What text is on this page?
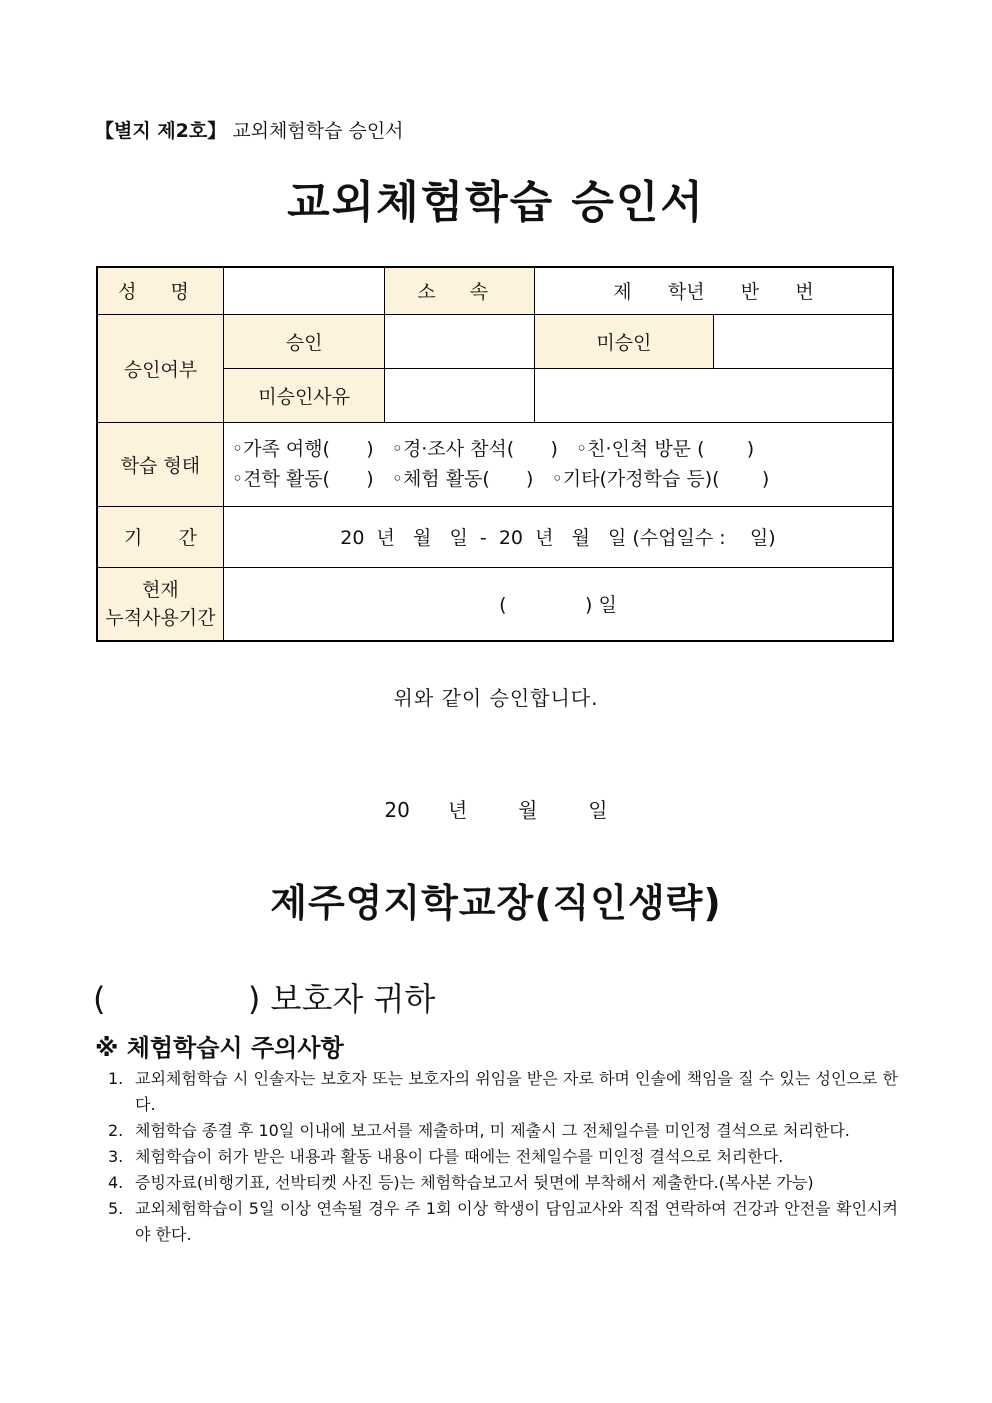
【별지 제2호】 교외체험학습 승인서
교외체험학습 승인서
성 명		소 속	제      학년      반      번	
승인여부	승인		미승인	
	미승인사유			
학습 형태	◦가족 여행(      )   ◦경·조사 참석(      )   ◦친·인척 방문 (       )
◦견학 활동(      )   ◦체험 활동(      )   ◦기타(가정학습 등)(       )			

기      간	20  년   월   일  -  20  년   월   일 (수업일수 :    일)			

현재
누적사용기간	(             ) 일			
위와 같이 승인합니다.
20      년        월        일
제주영지학교장(직인생략)
(              ) 보호자 귀하
※ 체험학습시 주의사항
1. 교외체험학습 시 인솔자는 보호자 또는 보호자의 위임을 받은 자로 하며 인솔에 책임을 질 수 있는 성인으로 한다.
2. 체험학습 종결 후 10일 이내에 보고서를 제출하며, 미 제출시 그 전체일수를 미인정 결석으로 처리한다.
3. 체험학습이 허가 받은 내용과 활동 내용이 다를 때에는 전체일수를 미인정 결석으로 처리한다.
4. 증빙자료(비행기표, 선박티켓 사진 등)는 체험학습보고서 뒷면에 부착해서 제출한다.(복사본 가능)
5. 교외체험학습이 5일 이상 연속될 경우 주 1회 이상 학생이 담임교사와 직접 연락하여 건강과 안전을 확인시켜야 한다.
